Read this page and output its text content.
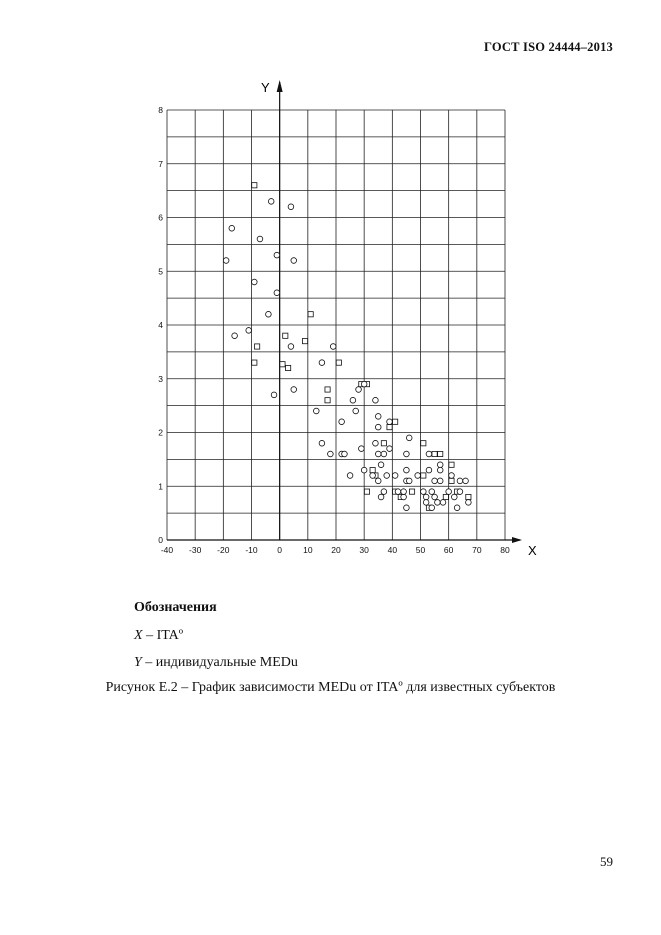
ГОСТ ISO 24444–2013
-40 -30 -20 -10 0 10 20 30 40 50 60 70 80
0
1
2
3
4
5
6
7
8
X
Y
Обозначения
X – ITAº
Y – индивидуальные MEDu
Рисунок Е.2 – График зависимости MEDu от ITAº для известных субъектов
59
